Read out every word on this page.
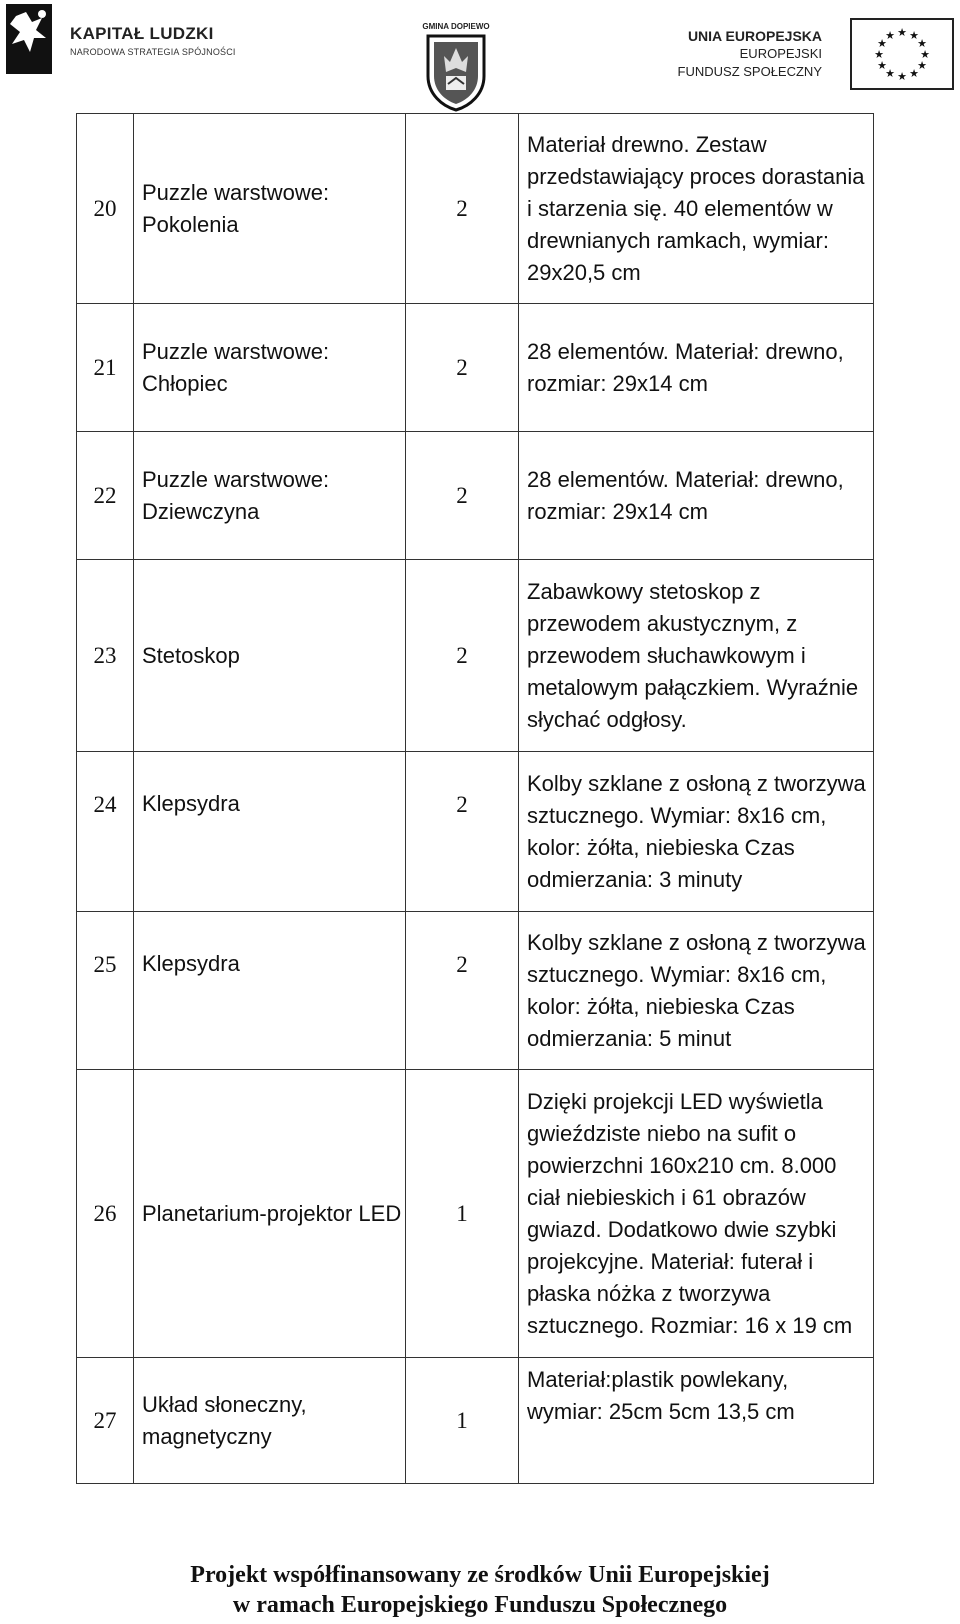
KAPITAŁ LUDZKI
NARODOWA STRATEGIA SPÓJNOŚCI
GMINA DOPIEWO
UNIA EUROPEJSKA
EUROPEJSKI
FUNDUSZ SPOŁECZNY
★ ★
★
★
★
★
★
★
★
★
★
★
20	Puzzle warstwowe: Pokolenia	2	Materiał drewno. Zestaw przedstawiający proces dorastania i starzenia się. 40 elementów w drewnianych ramkach, wymiar: 29x20,5 cm
21	Puzzle warstwowe: Chłopiec	2	28 elementów. Materiał: drewno, rozmiar: 29x14 cm
22	Puzzle warstwowe: Dziewczyna	2	28 elementów. Materiał: drewno, rozmiar: 29x14 cm
23	Stetoskop	2	Zabawkowy stetoskop z przewodem akustycznym, z przewodem słuchawkowym i metalowym pałączkiem. Wyraźnie słychać odgłosy.
24	Klepsydra	2	Kolby szklane z osłoną z tworzywa sztucznego. Wymiar: 8x16 cm, kolor: żółta, niebieska Czas odmierzania: 3 minuty
25	Klepsydra	2	Kolby szklane z osłoną z tworzywa sztucznego. Wymiar: 8x16 cm, kolor: żółta, niebieska Czas odmierzania: 5 minut
26	Planetarium-projektor LED	1	Dzięki projekcji LED wyświetla gwieździste niebo na sufit o powierzchni 160x210 cm. 8.000 ciał niebieskich i 61 obrazów gwiazd. Dodatkowo dwie szybki projekcyjne. Materiał: futerał i płaska nóżka z tworzywa sztucznego. Rozmiar: 16 x 19 cm
27	Układ słoneczny, magnetyczny	1	Materiał:plastik powlekany, wymiar: 25cm 5cm 13,5 cm
Projekt współfinansowany ze środków Unii Europejskiej
w ramach Europejskiego Funduszu Społecznego
